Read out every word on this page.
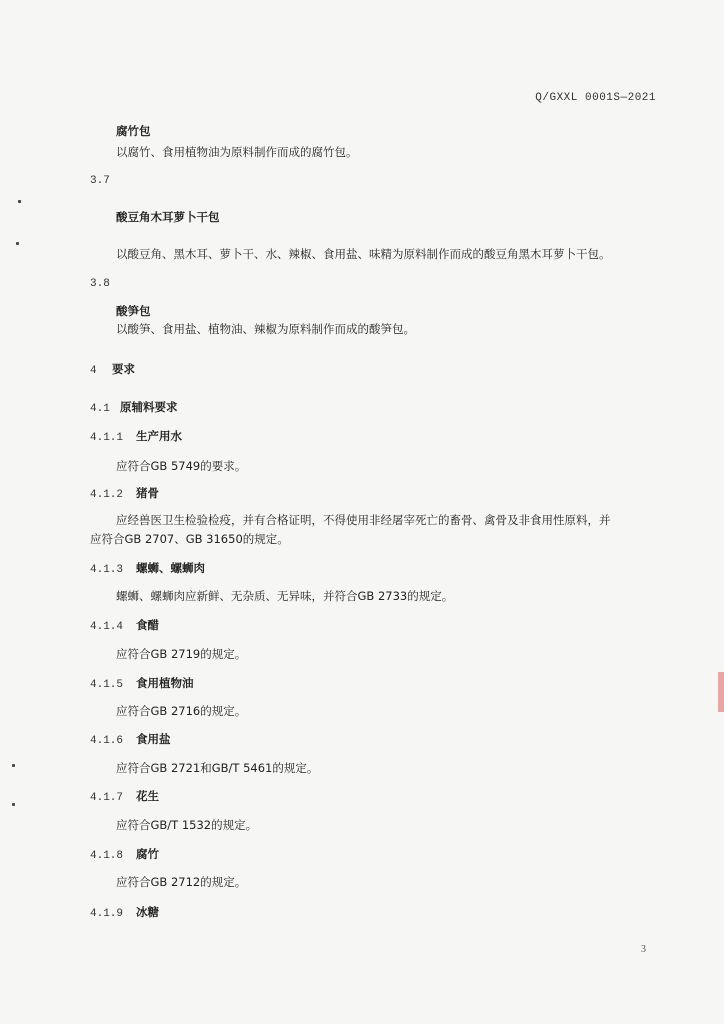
Q/GXXL 0001S—2021
腐竹包
以腐竹、食用植物油为原料制作而成的腐竹包。
3.7
酸豆角木耳萝卜干包
以酸豆角、黑木耳、萝卜干、水、辣椒、食用盐、味精为原料制作而成的酸豆角黑木耳萝卜干包。
3.8
酸笋包
以酸笋、食用盐、植物油、辣椒为原料制作而成的酸笋包。
4 要求
4.1 原辅料要求
4.1.1 生产用水
应符合GB 5749的要求。
4.1.2 猪骨
应经兽医卫生检验检疫，并有合格证明，不得使用非经屠宰死亡的畜骨、禽骨及非食用性原料，并
应符合GB 2707、GB 31650的规定。
4.1.3 螺蛳、螺蛳肉
螺蛳、螺蛳肉应新鲜、无杂质、无异味，并符合GB 2733的规定。
4.1.4 食醋
应符合GB 2719的规定。
4.1.5 食用植物油
应符合GB 2716的规定。
4.1.6 食用盐
应符合GB 2721和GB/T 5461的规定。
4.1.7 花生
应符合GB/T 1532的规定。
4.1.8 腐竹
应符合GB 2712的规定。
4.1.9 冰糖
3
